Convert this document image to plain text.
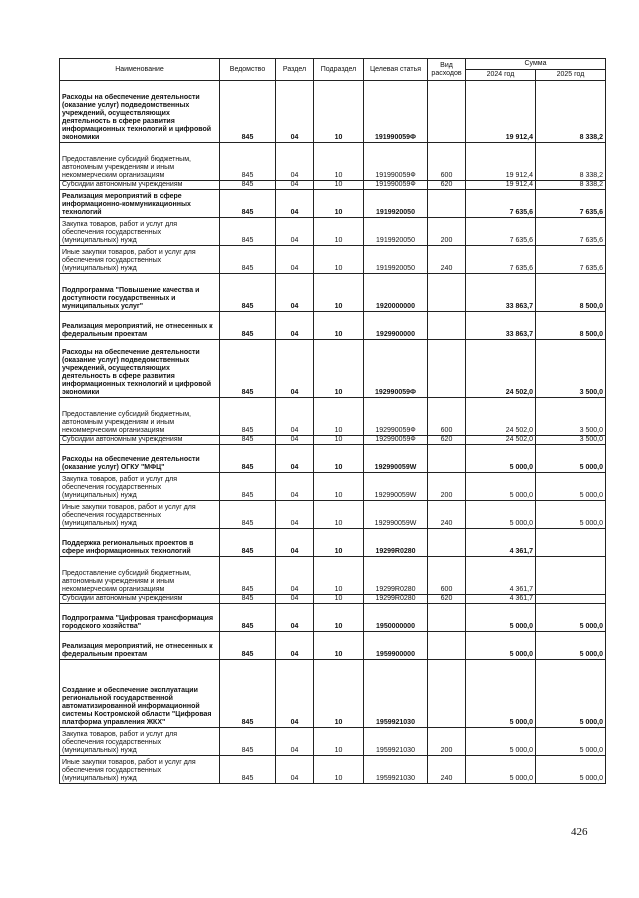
Наименование	Ведомство	Раздел	Подраздел	Целевая статья	Вид расходов	Сумма	
						2024 год	2025 год
Расходы на обеспечение деятельности (оказание услуг) подведомственных учреждений, осуществляющих деятельность в сфере развития информационных технологий и цифровой экономики	845	04	10	191990059Ф		19 912,4	8 338,2
Предоставление субсидий бюджетным, автономным учреждениям и иным некоммерческим организациям	845	04	10	191990059Ф	600	19 912,4	8 338,2
Субсидии автономным учреждениям	845	04	10	191990059Ф	620	19 912,4	8 338,2
Реализация мероприятий в сфере информационно-коммуникационных технологий	845	04	10	1919920050		7 635,6	7 635,6
Закупка товаров, работ и услуг для обеспечения государственных (муниципальных) нужд	845	04	10	1919920050	200	7 635,6	7 635,6
Иные закупки товаров, работ и услуг для обеспечения государственных (муниципальных) нужд	845	04	10	1919920050	240	7 635,6	7 635,6
Подпрограмма "Повышение качества и доступности государственных и муниципальных услуг"	845	04	10	1920000000		33 863,7	8 500,0
Реализация мероприятий, не отнесенных к федеральным проектам	845	04	10	1929900000		33 863,7	8 500,0
Расходы на обеспечение деятельности (оказание услуг) подведомственных учреждений, осуществляющих деятельность в сфере развития информационных технологий и цифровой экономики	845	04	10	192990059Ф		24 502,0	3 500,0
Предоставление субсидий бюджетным, автономным учреждениям и иным некоммерческим организациям	845	04	10	192990059Ф	600	24 502,0	3 500,0
Субсидии автономным учреждениям	845	04	10	192990059Ф	620	24 502,0	3 500,0
Расходы на обеспечение деятельности (оказание услуг) ОГКУ "МФЦ"	845	04	10	192990059W		5 000,0	5 000,0
Закупка товаров, работ и услуг для обеспечения государственных (муниципальных) нужд	845	04	10	192990059W	200	5 000,0	5 000,0
Иные закупки товаров, работ и услуг для обеспечения государственных (муниципальных) нужд	845	04	10	192990059W	240	5 000,0	5 000,0
Поддержка региональных проектов в сфере информационных технологий	845	04	10	19299R0280		4 361,7	
Предоставление субсидий бюджетным, автономным учреждениям и иным некоммерческим организациям	845	04	10	19299R0280	600	4 361,7	
Субсидии автономным учреждениям	845	04	10	19299R0280	620	4 361,7	
Подпрограмма "Цифровая трансформация городского хозяйства"	845	04	10	1950000000		5 000,0	5 000,0
Реализация мероприятий, не отнесенных к федеральным проектам	845	04	10	1959900000		5 000,0	5 000,0
Создание и обеспечение эксплуатации региональной государственной автоматизированной информационной системы Костромской области "Цифровая платформа управления ЖКХ"	845	04	10	1959921030		5 000,0	5 000,0
Закупка товаров, работ и услуг для обеспечения государственных (муниципальных) нужд	845	04	10	1959921030	200	5 000,0	5 000,0
Иные закупки товаров, работ и услуг для обеспечения государственных (муниципальных) нужд	845	04	10	1959921030	240	5 000,0	5 000,0
426
